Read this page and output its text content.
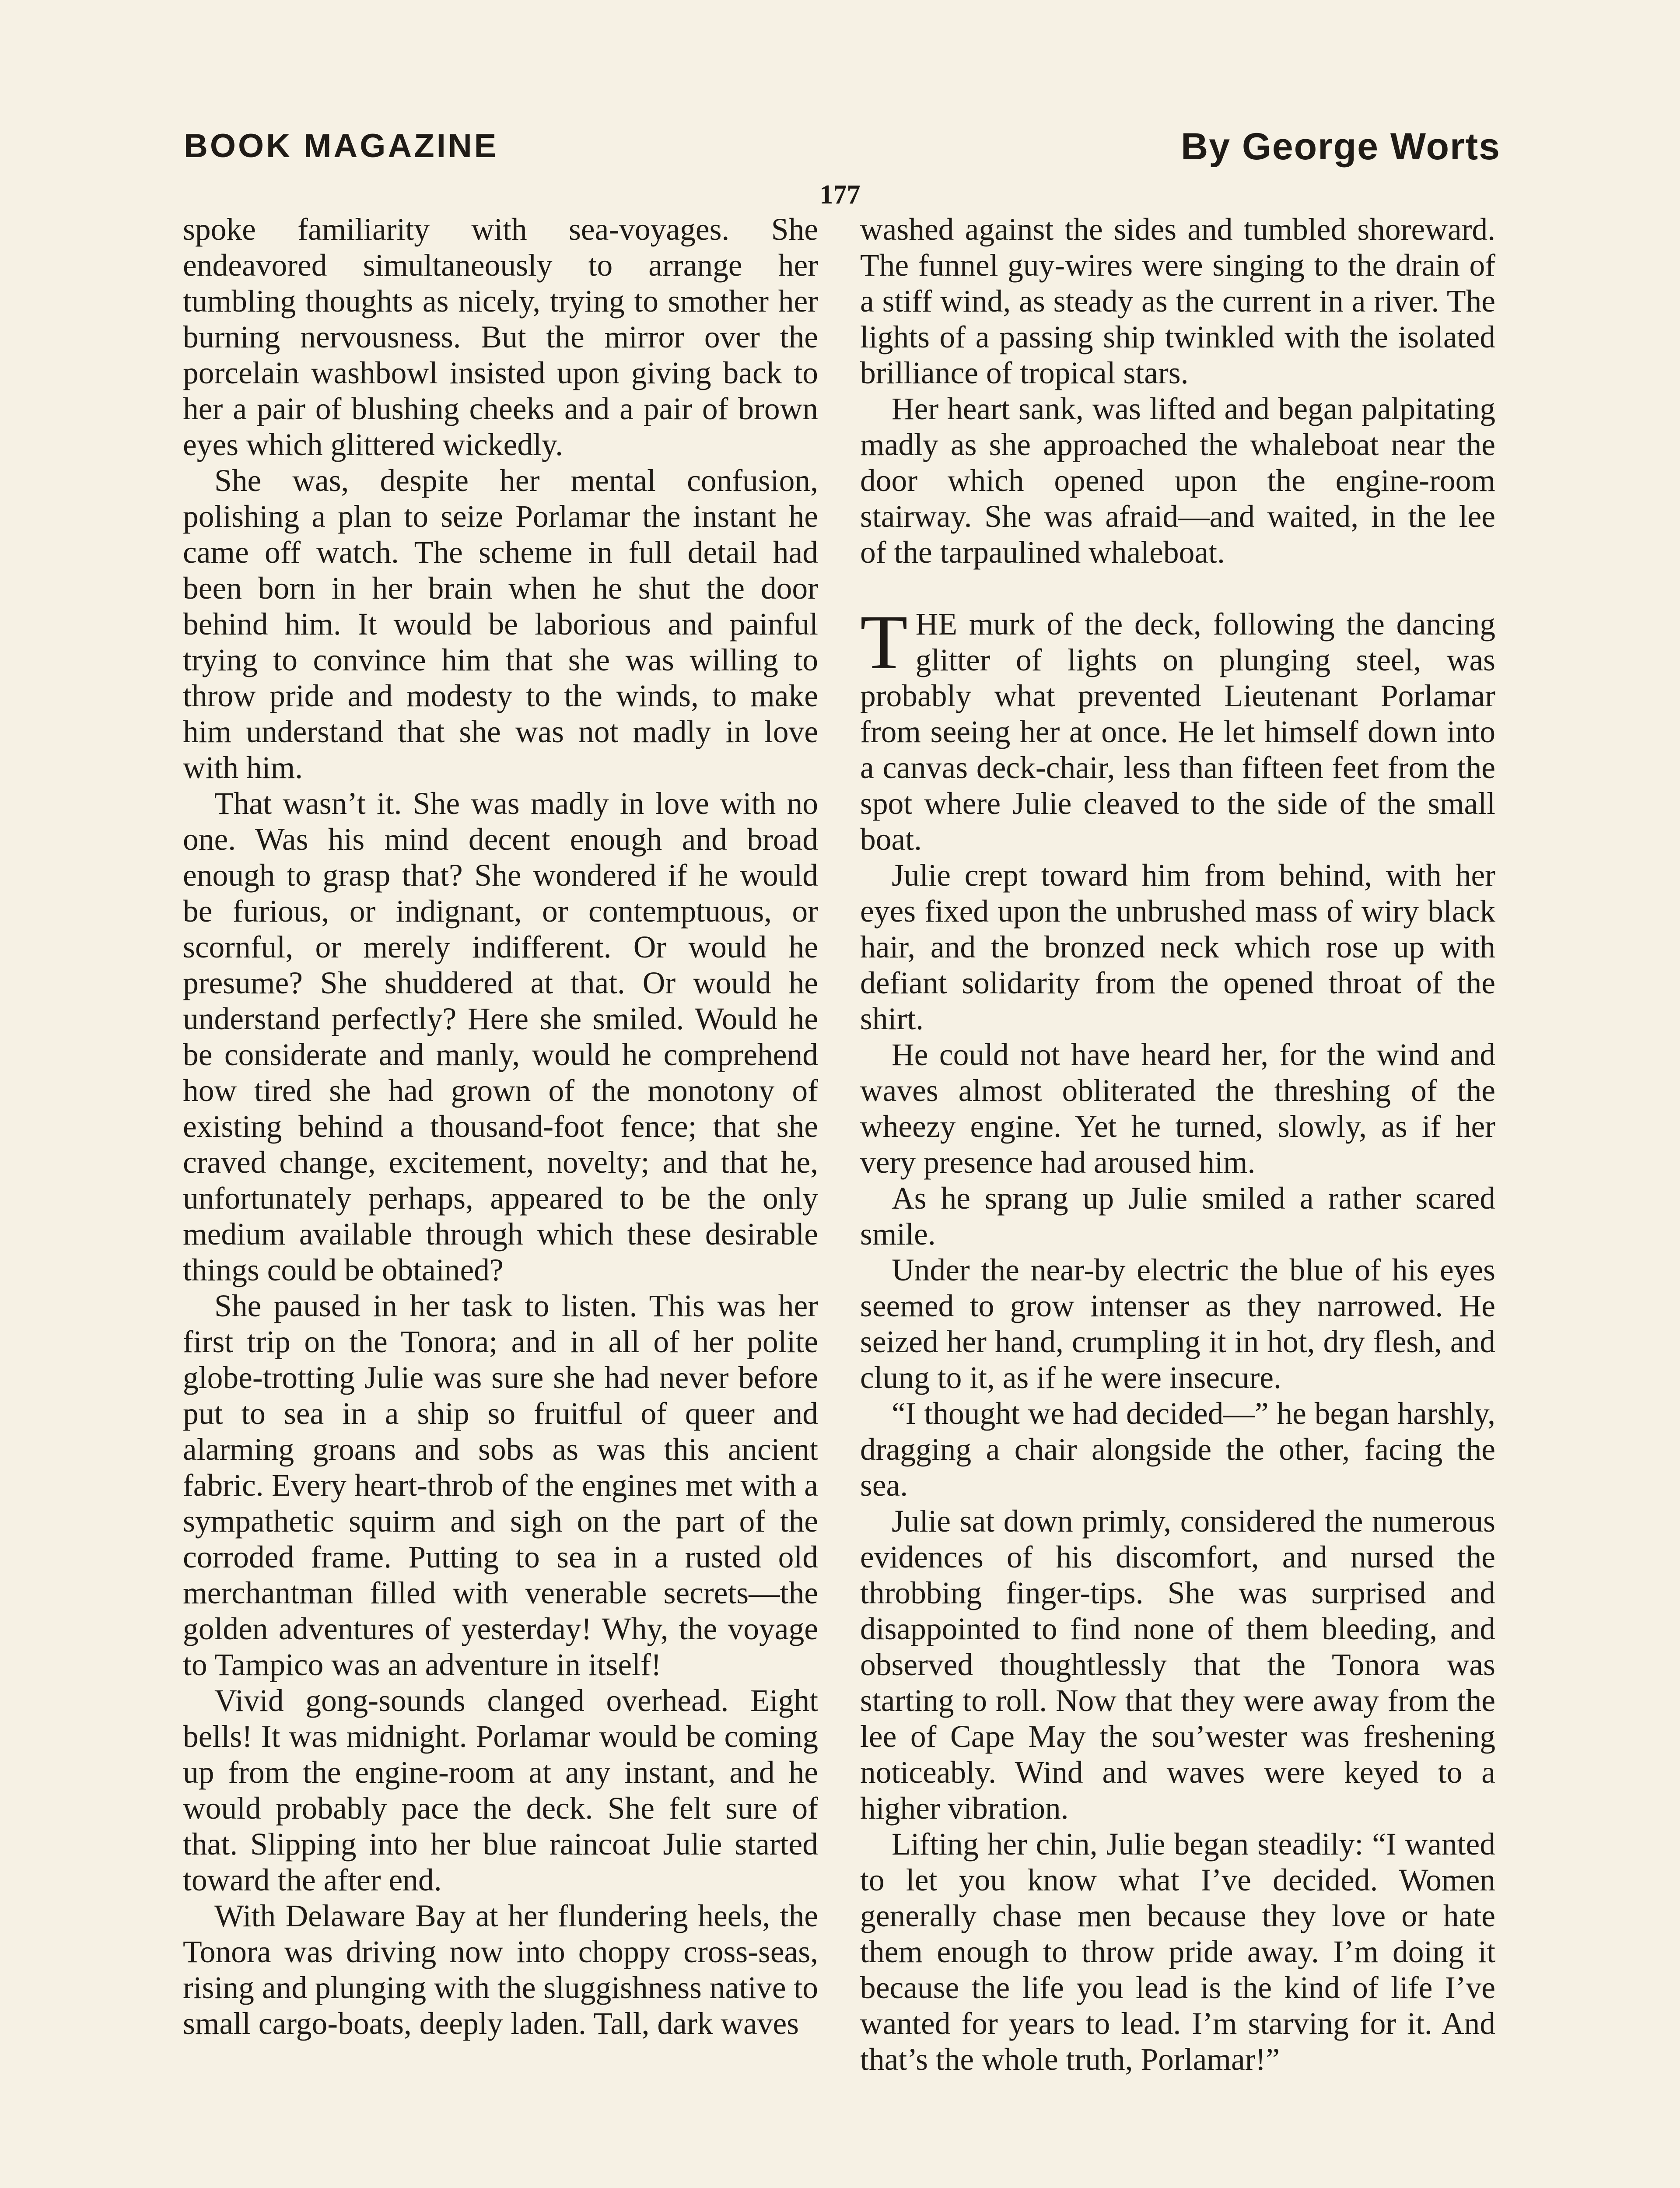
BOOK MAGAZINE	By George Worts
177

spoke familiarity with sea-voyages. She endeavored simultaneously to arrange her tumbling thoughts as nicely, trying to smother her burning nervousness. But the mirror over the porcelain washbowl insisted upon giving back to her a pair of blushing cheeks and a pair of brown eyes which glittered wickedly.

She was, despite her mental confusion, polishing a plan to seize Porlamar the instant he came off watch. The scheme in full detail had been born in her brain when he shut the door behind him. It would be laborious and painful trying to convince him that she was willing to throw pride and modesty to the winds, to make him understand that she was not madly in love with him.

That wasn’t it. She was madly in love with no one. Was his mind decent enough and broad enough to grasp that? She wondered if he would be furious, or indignant, or contemptuous, or scornful, or merely indifferent. Or would he presume? She shuddered at that. Or would he understand perfectly? Here she smiled. Would he be considerate and manly, would he comprehend how tired she had grown of the monotony of existing behind a thousand-foot fence; that she craved change, excitement, novelty; and that he, unfortunately perhaps, appeared to be the only medium available through which these desirable things could be obtained?

She paused in her task to listen. This was her first trip on the Tonora; and in all of her polite globe-trotting Julie was sure she had never before put to sea in a ship so fruitful of queer and alarming groans and sobs as was this ancient fabric. Every heart-throb of the engines met with a sympathetic squirm and sigh on the part of the corroded frame. Putting to sea in a rusted old merchantman filled with venerable secrets—the golden adventures of yesterday! Why, the voyage to Tampico was an adventure in itself!

Vivid gong-sounds clanged overhead. Eight bells! It was midnight. Porlamar would be coming up from the engine-room at any instant, and he would probably pace the deck. She felt sure of that. Slipping into her blue raincoat Julie started toward the after end.

With Delaware Bay at her flundering heels, the Tonora was driving now into choppy cross-seas, rising and plunging with the sluggishness native to small cargo-boats, deeply laden. Tall, dark waves

washed against the sides and tumbled shoreward. The funnel guy-wires were singing to the drain of a stiff wind, as steady as the current in a river. The lights of a passing ship twinkled with the isolated brilliance of tropical stars.

Her heart sank, was lifted and began palpitating madly as she approached the whaleboat near the door which opened upon the engine-room stairway. She was afraid—and waited, in the lee of the tarpaulined whaleboat.

THE murk of the deck, following the dancing glitter of lights on plunging steel, was probably what prevented Lieutenant Porlamar from seeing her at once. He let himself down into a canvas deck-chair, less than fifteen feet from the spot where Julie cleaved to the side of the small boat.

Julie crept toward him from behind, with her eyes fixed upon the unbrushed mass of wiry black hair, and the bronzed neck which rose up with defiant solidarity from the opened throat of the shirt.

He could not have heard her, for the wind and waves almost obliterated the threshing of the wheezy engine. Yet he turned, slowly, as if her very presence had aroused him.

As he sprang up Julie smiled a rather scared smile.

Under the near-by electric the blue of his eyes seemed to grow intenser as they narrowed. He seized her hand, crumpling it in hot, dry flesh, and clung to it, as if he were insecure.

“I thought we had decided—” he began harshly, dragging a chair alongside the other, facing the sea.

Julie sat down primly, considered the numerous evidences of his discomfort, and nursed the throbbing finger-tips. She was surprised and disappointed to find none of them bleeding, and observed thoughtlessly that the Tonora was starting to roll. Now that they were away from the lee of Cape May the sou’wester was freshening noticeably. Wind and waves were keyed to a higher vibration.

Lifting her chin, Julie began steadily: “I wanted to let you know what I’ve decided. Women generally chase men because they love or hate them enough to throw pride away. I’m doing it because the life you lead is the kind of life I’ve wanted for years to lead. I’m starving for it. And that’s the whole truth, Porlamar!”
